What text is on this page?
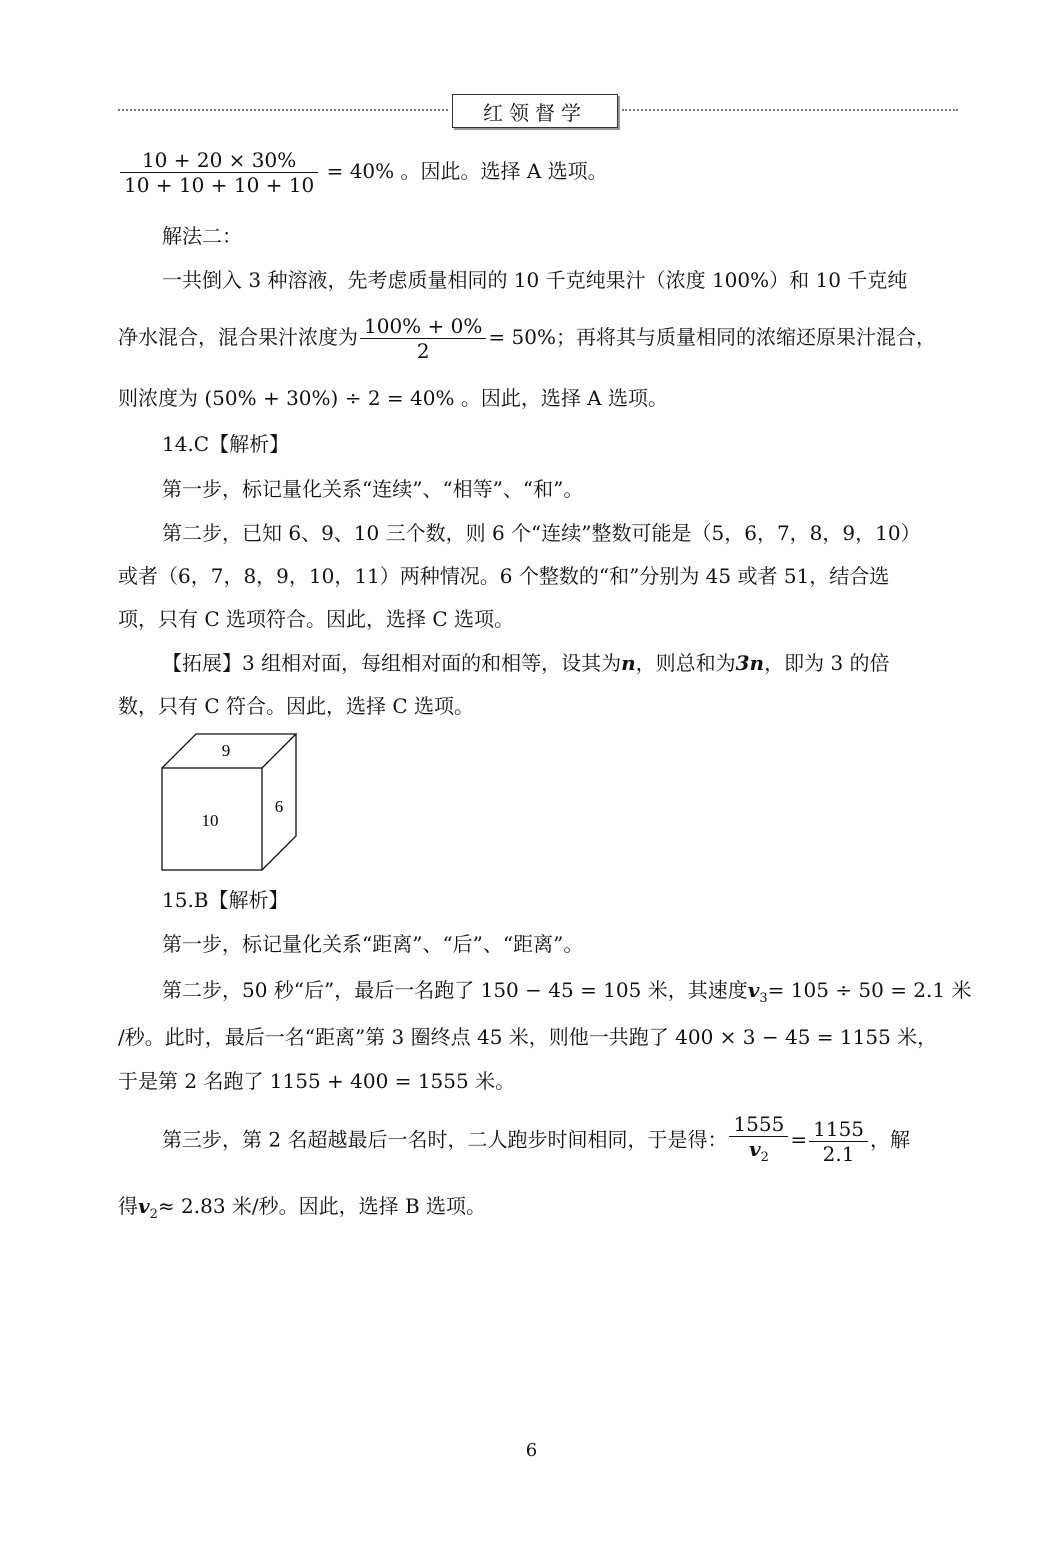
红领督学
$\frac{10 + 20 \times 30\%}{10 + 10 + 10 + 10} = 40\%$ 。因此。选择 A 选项。
解法二：
一共倒入 3 种溶液，先考虑质量相同的 10 千克纯果汁（浓度 100%）和 10 千克纯
净水混合，混合果汁浓度为 $\frac{100\% + 0\%}{2} = 50\%$；再将其与质量相同的浓缩还原果汁混合，
则浓度为 (50% + 30%) ÷ 2 = 40% 。因此，选择 A 选项。
14.C【解析】
第一步，标记量化关系“连续”、“相等”、“和”。
第二步，已知 6、9、10 三个数，则 6 个“连续”整数可能是（5，6，7，8，9，10）
或者（6，7，8，9，10，11）两种情况。6 个整数的“和”分别为 45 或者 51，结合选
项，只有 C 选项符合。因此，选择 C 选项。
【拓展】3 组相对面，每组相对面的和相等，设其为n，则总和为3n，即为 3 的倍
数，只有 C 符合。因此，选择 C 选项。
9
10
6
15.B【解析】
第一步，标记量化关系“距离”、“后”、“距离”。
第二步，50 秒“后”，最后一名跑了 150 − 45 = 105 米，其速度$v_3= 105 \div 50 = 2.1$ 米
/秒。此时，最后一名“距离”第 3 圈终点 45 米，则他一共跑了 400 × 3 − 45 = 1155 米，
于是第 2 名跑了 1155 + 400 = 1555 米。
第三步，第 2 名超越最后一名时，二人跑步时间相同，于是得： $\frac{1555}{v_2} = \frac{1155}{2.1}$ ，解
得$v_2\approx 2.83$ 米/秒。因此，选择 B 选项。
6
